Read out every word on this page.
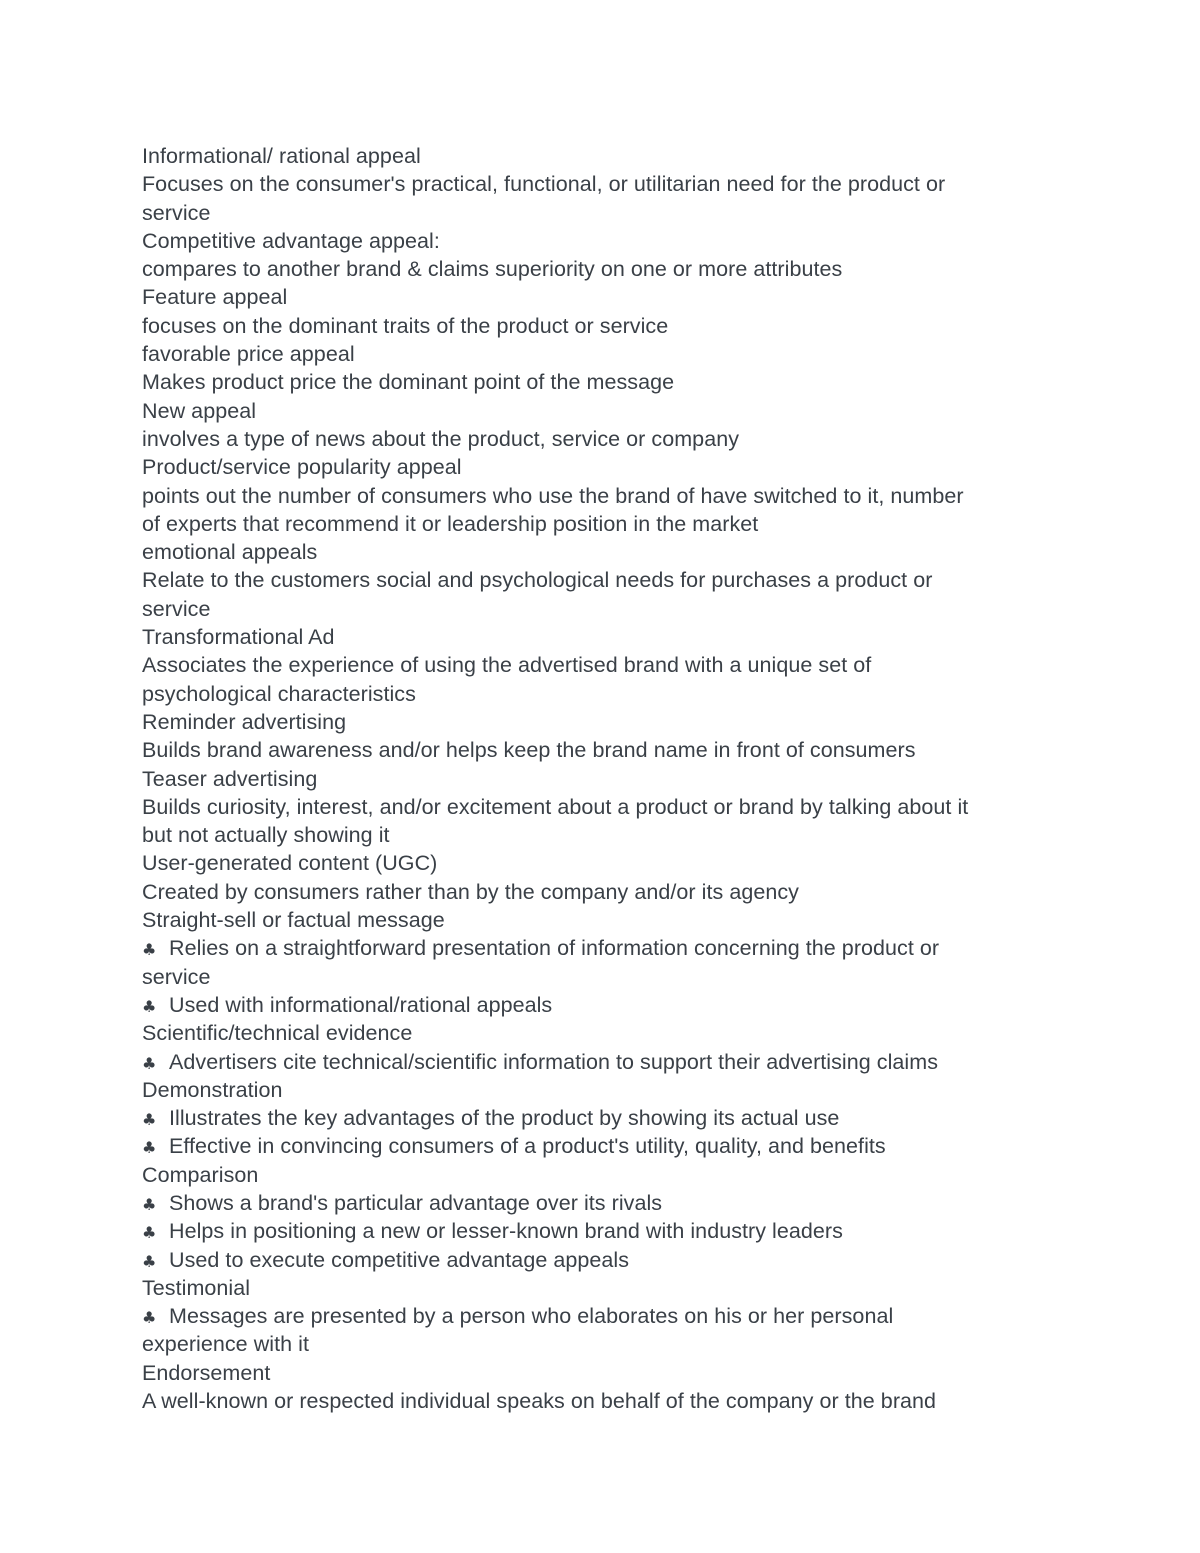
Informational/ rational appeal
Focuses on the consumer's practical, functional, or utilitarian need for the product or
service
Competitive advantage appeal:
compares to another brand & claims superiority on one or more attributes
Feature appeal
focuses on the dominant traits of the product or service
favorable price appeal
Makes product price the dominant point of the message
New appeal
involves a type of news about the product, service or company
Product/service popularity appeal
points out the number of consumers who use the brand of have switched to it, number
of experts that recommend it or leadership position in the market
emotional appeals
Relate to the customers social and psychological needs for purchases a product or
service
Transformational Ad
Associates the experience of using the advertised brand with a unique set of
psychological characteristics
Reminder advertising
Builds brand awareness and/or helps keep the brand name in front of consumers
Teaser advertising
Builds curiosity, interest, and/or excitement about a product or brand by talking about it
but not actually showing it
User-generated content (UGC)
Created by consumers rather than by the company and/or its agency
Straight-sell or factual message
♣ Relies on a straightforward presentation of information concerning the product or
service
♣ Used with informational/rational appeals
Scientific/technical evidence
♣ Advertisers cite technical/scientific information to support their advertising claims
Demonstration
♣ Illustrates the key advantages of the product by showing its actual use
♣ Effective in convincing consumers of a product's utility, quality, and benefits
Comparison
♣ Shows a brand's particular advantage over its rivals
♣ Helps in positioning a new or lesser-known brand with industry leaders
♣ Used to execute competitive advantage appeals
Testimonial
♣ Messages are presented by a person who elaborates on his or her personal
experience with it
Endorsement
A well-known or respected individual speaks on behalf of the company or the brand
